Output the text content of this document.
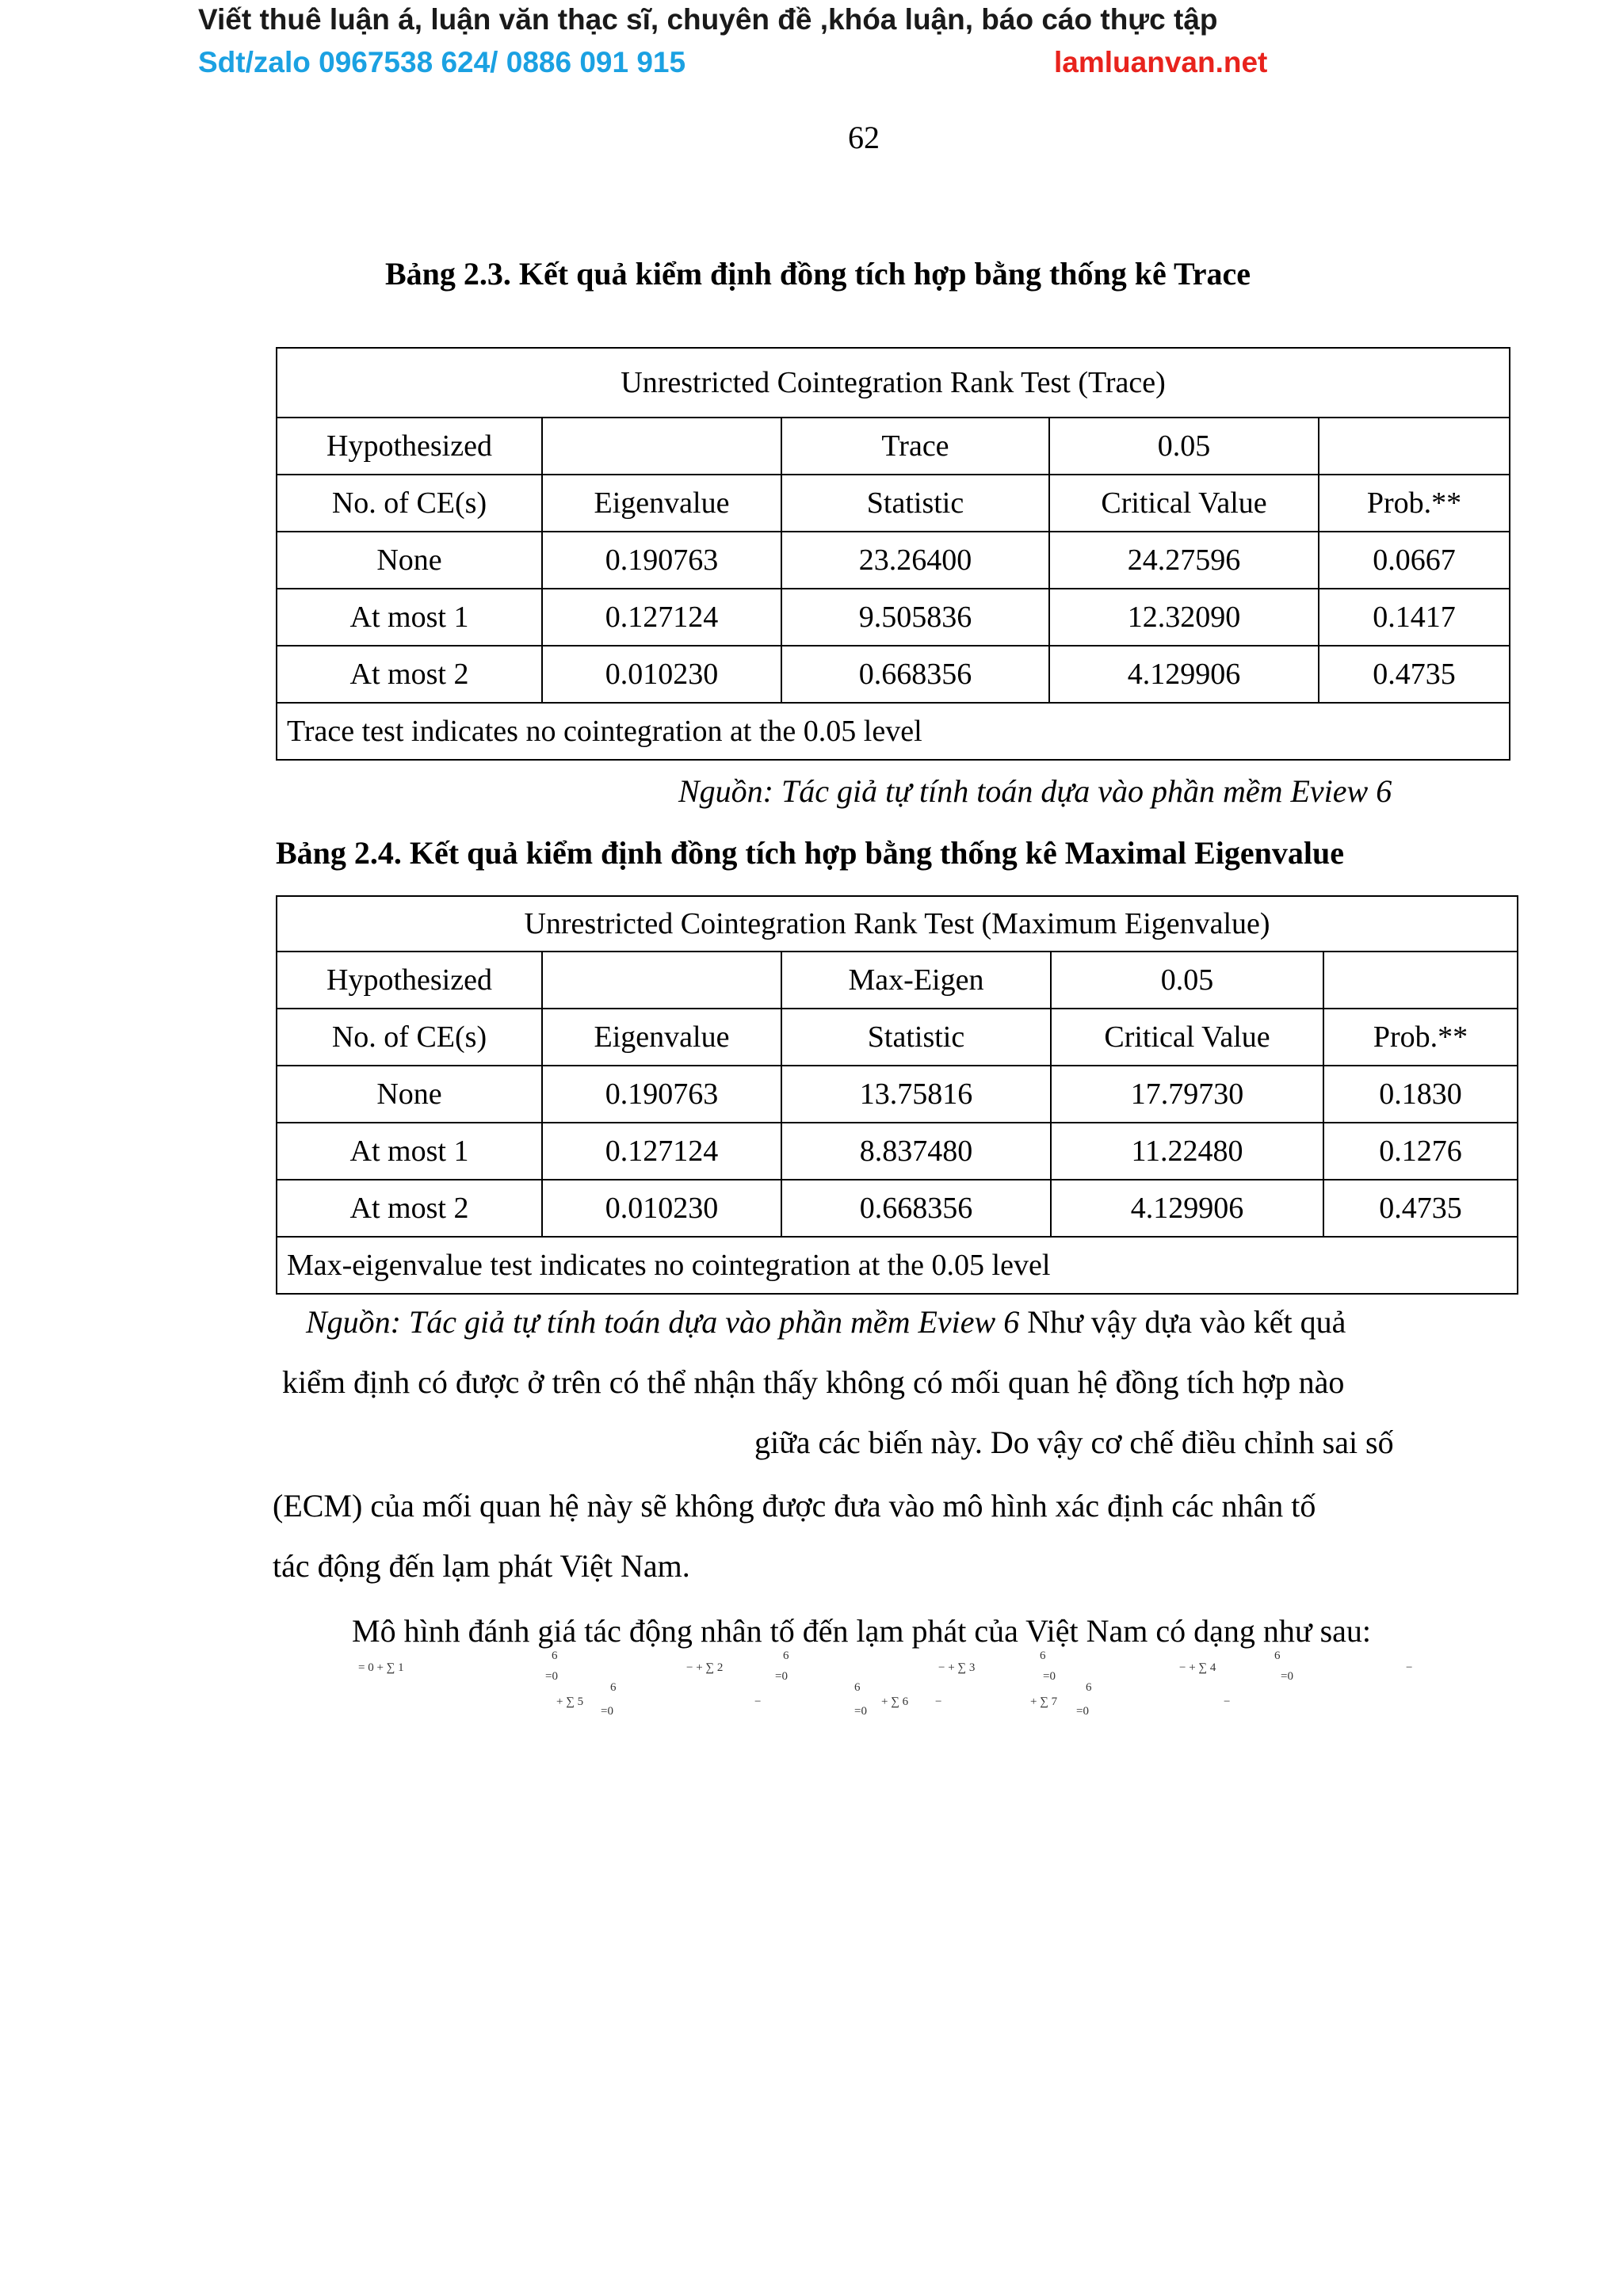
Viết thuê luận á, luận văn thạc sĩ, chuyên đề ,khóa luận, báo cáo thực tập
Sdt/zalo 0967538 624/ 0886 091 915	lamluanvan.net
62
Bảng 2.3. Kết quả kiểm định đồng tích hợp bằng thống kê Trace
Unrestricted Cointegration Rank Test (Trace)				
Hypothesized		Trace	0.05	
No. of CE(s)	Eigenvalue	Statistic	Critical Value	Prob.**
None	0.190763	23.26400	24.27596	0.0667
At most 1	0.127124	9.505836	12.32090	0.1417
At most 2	0.010230	0.668356	4.129906	0.4735
Trace test indicates no cointegration at the 0.05 level				
Nguồn: Tác giả tự tính toán dựa vào phần mềm Eview 6
Bảng 2.4. Kết quả kiểm định đồng tích hợp bằng thống kê Maximal Eigenvalue
Unrestricted Cointegration Rank Test (Maximum Eigenvalue)				
Hypothesized		Max-Eigen	0.05	
No. of CE(s)	Eigenvalue	Statistic	Critical Value	Prob.**
None	0.190763	13.75816	17.79730	0.1830
At most 1	0.127124	8.837480	11.22480	0.1276
At most 2	0.010230	0.668356	4.129906	0.4735
Max-eigenvalue test indicates no cointegration at the 0.05 level				
Nguồn: Tác giả tự tính toán dựa vào phần mềm Eview 6 Như vậy dựa vào kết quả
kiểm định có được ở trên có thể nhận thấy không có mối quan hệ đồng tích hợp nào
giữa các biến này. Do vậy cơ chế điều chỉnh sai số
(ECM) của mối quan hệ này sẽ không được đưa vào mô hình xác định các nhân tố
tác động đến lạm phát Việt Nam.
Mô hình đánh giá tác động nhân tố đến lạm phát của Việt Nam có dạng như sau:
= 0 + ∑ 1
6
=0
− + ∑ 2
6
=0
− + ∑ 3
6
=0
− + ∑ 4
6
=0
−
6
+ ∑ 5
=0
−
6
=0
+ ∑ 6 −
6
+ ∑ 7
=0
−
